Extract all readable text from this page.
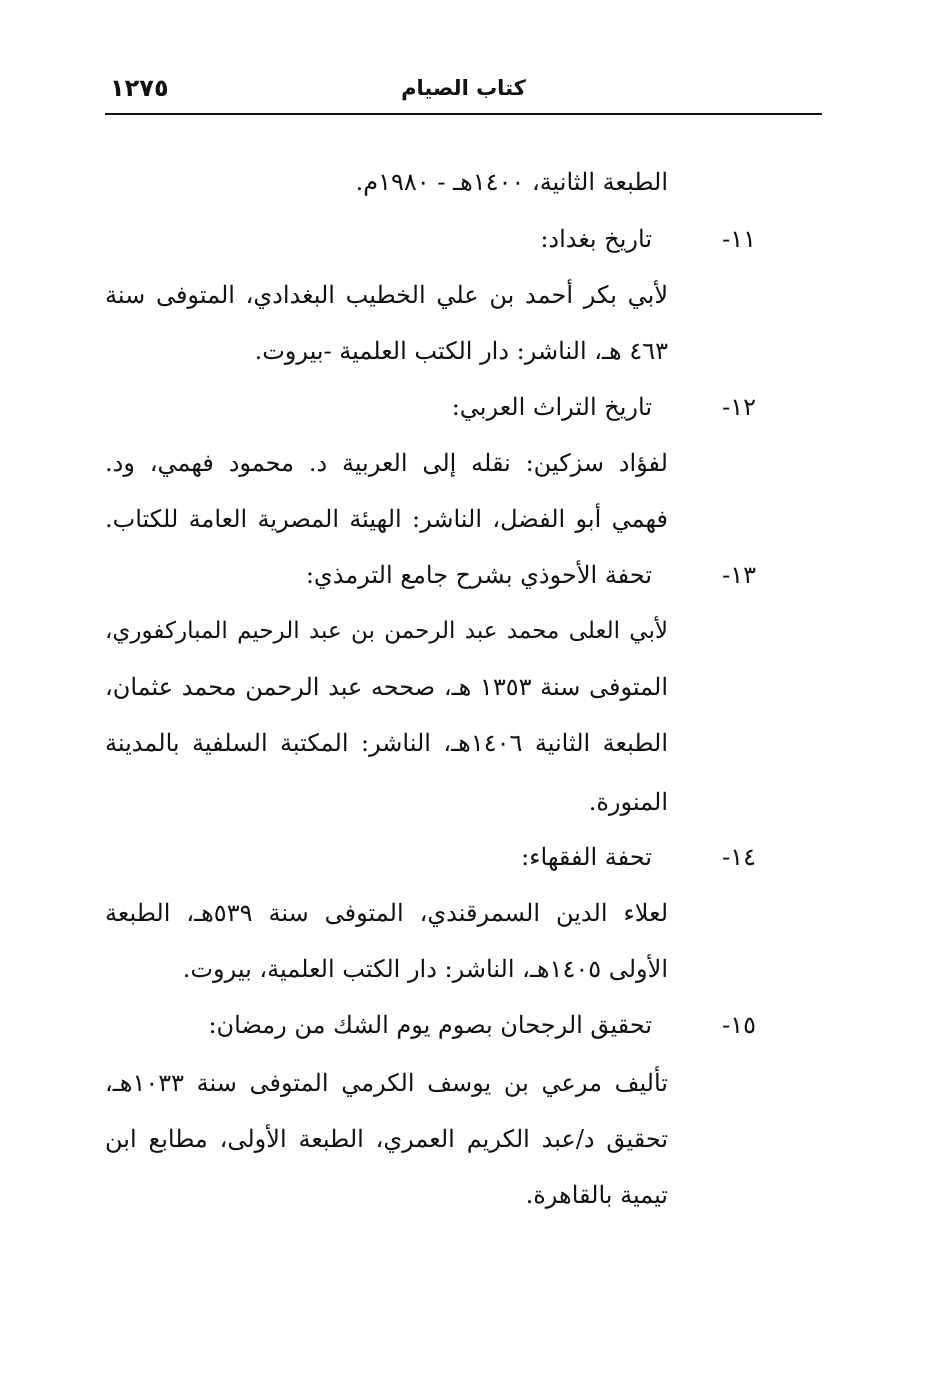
١٢٧٥	كتاب الصيام
الطبعة الثانية، ١٤٠٠هـ - ١٩٨٠م.
١١-
تاريخ بغداد:
لأبي بكر أحمد بن علي الخطيب البغدادي، المتوفى سنة
٤٦٣ هـ، الناشر: دار الكتب العلمية -بيروت.
١٢-
تاريخ التراث العربي:
لفؤاد سزكين: نقله إلى العربية د. محمود فهمي، ود.
فهمي أبو الفضل، الناشر: الهيئة المصرية العامة للكتاب.
١٣-
تحفة الأحوذي بشرح جامع الترمذي:
لأبي العلى محمد عبد الرحمن بن عبد الرحيم المباركفوري،
المتوفى سنة ١٣٥٣ هـ، صححه عبد الرحمن محمد عثمان،
الطبعة الثانية ١٤٠٦هـ، الناشر: المكتبة السلفية بالمدينة
المنورة.
١٤-
تحفة الفقهاء:
لعلاء الدين السمرقندي، المتوفى سنة ٥٣٩هـ، الطبعة
الأولى ١٤٠٥هـ، الناشر: دار الكتب العلمية، بيروت.
١٥-
تحقيق الرجحان بصوم يوم الشك من رمضان:
تأليف مرعي بن يوسف الكرمي المتوفى سنة ١٠٣٣هـ،
تحقيق د/عبد الكريم العمري، الطبعة الأولى، مطابع ابن
تيمية بالقاهرة.
